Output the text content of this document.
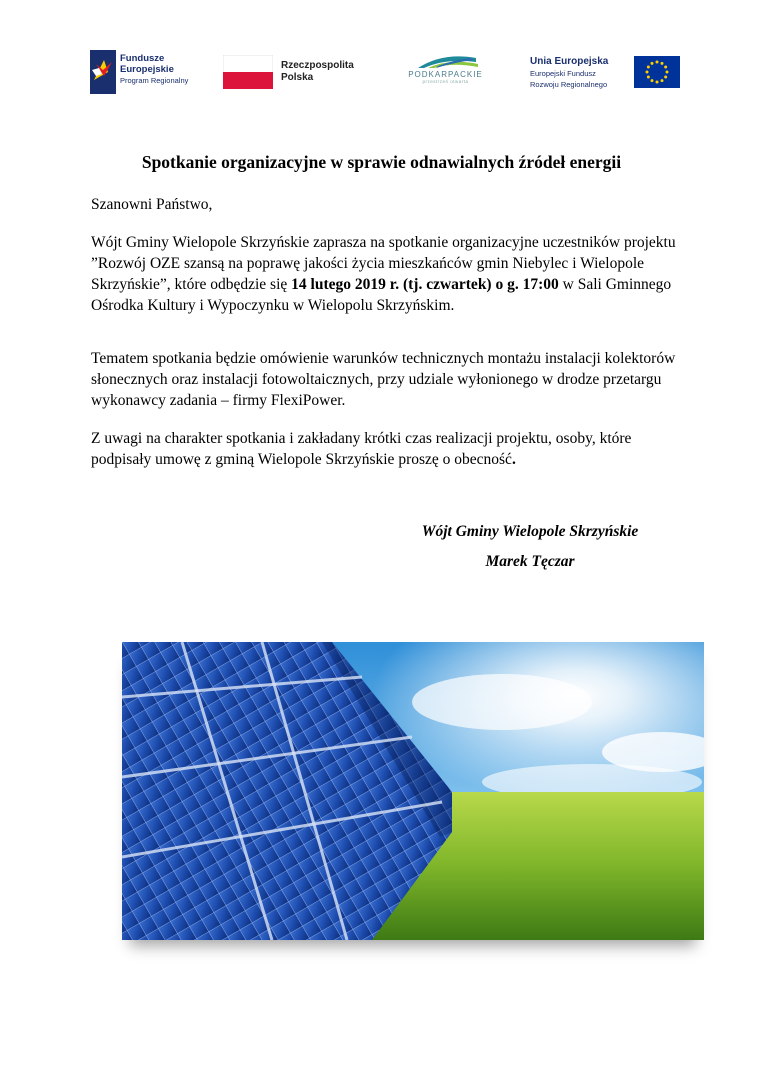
Fundusze
Europejskie
Program Regionalny
Rzeczpospolita
Polska	PODKARPACKIE
przestrzeń otwarta
Unia Europejska
Europejski Fundusz
Rozwoju Regionalnego
Spotkanie organizacyjne w sprawie odnawialnych źródeł energii

Szanowni Państwo,

Wójt Gminy Wielopole Skrzyńskie zaprasza na spotkanie organizacyjne uczestników projektu ”Rozwój OZE szansą na poprawę jakości życia mieszkańców gmin Niebylec i Wielopole Skrzyńskie”, które odbędzie się 14 lutego 2019 r. (tj. czwartek) o g. 17:00 w Sali Gminnego Ośrodka Kultury i Wypoczynku w Wielopolu Skrzyńskim.

Tematem spotkania będzie omówienie warunków technicznych montażu instalacji kolektorów słonecznych oraz instalacji fotowoltaicznych, przy udziale wyłonionego w drodze przetargu wykonawcy zadania – firmy FlexiPower.

Z uwagi na charakter spotkania i zakładany krótki czas realizacji projektu, osoby, które podpisały umowę z gminą Wielopole Skrzyńskie proszę o obecność.

Wójt Gminy Wielopole Skrzyńskie

Marek Tęczar
